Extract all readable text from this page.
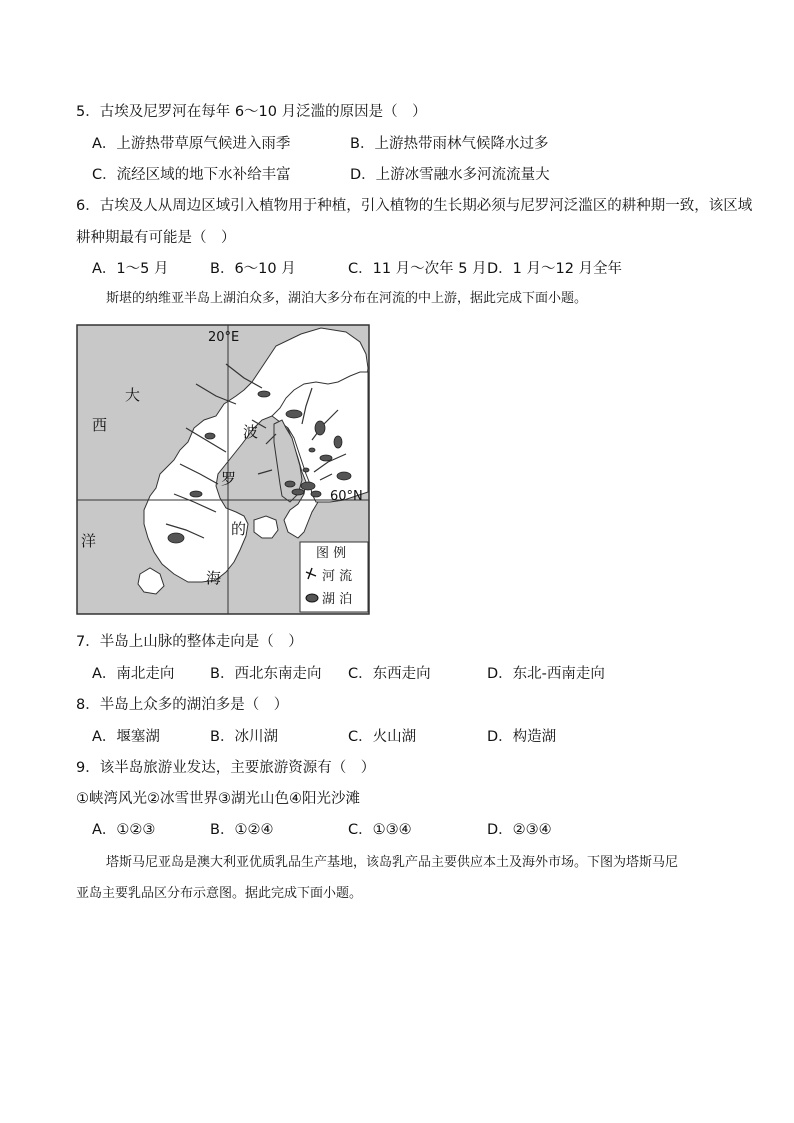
5．古埃及尼罗河在每年 6～10 月泛滥的原因是（　）
A．上游热带草原气候进入雨季	B．上游热带雨林气候降水过多
C．流经区域的地下水补给丰富	D．上游冰雪融水多河流流量大
6．古埃及人从周边区域引入植物用于种植，引入植物的生长期必须与尼罗河泛滥区的耕种期一致，该区域
耕种期最有可能是（　）
A．1～5 月	B．6～10 月	C．11 月～次年 5 月 D．1 月～12 月全年
斯堪的纳维亚半岛上湖泊众多，湖泊大多分布在河流的中上游，据此完成下面小题。
20°E
60°N
大
西
洋
波
罗
的
海
图 例
河 流
湖 泊
7．半岛上山脉的整体走向是（　）
A．南北走向 B．西北东南走向 C．东西走向	D．东北-西南走向
8．半岛上众多的湖泊多是（　）
A．堰塞湖	B．冰川湖	C．火山湖	D．构造湖
9．该半岛旅游业发达，主要旅游资源有（　）
①峡湾风光②冰雪世界③湖光山色④阳光沙滩
A．①②③	B．①②④	C．①③④	D．②③④
塔斯马尼亚岛是澳大利亚优质乳品生产基地，该岛乳产品主要供应本土及海外市场。下图为塔斯马尼
亚岛主要乳品区分布示意图。据此完成下面小题。
